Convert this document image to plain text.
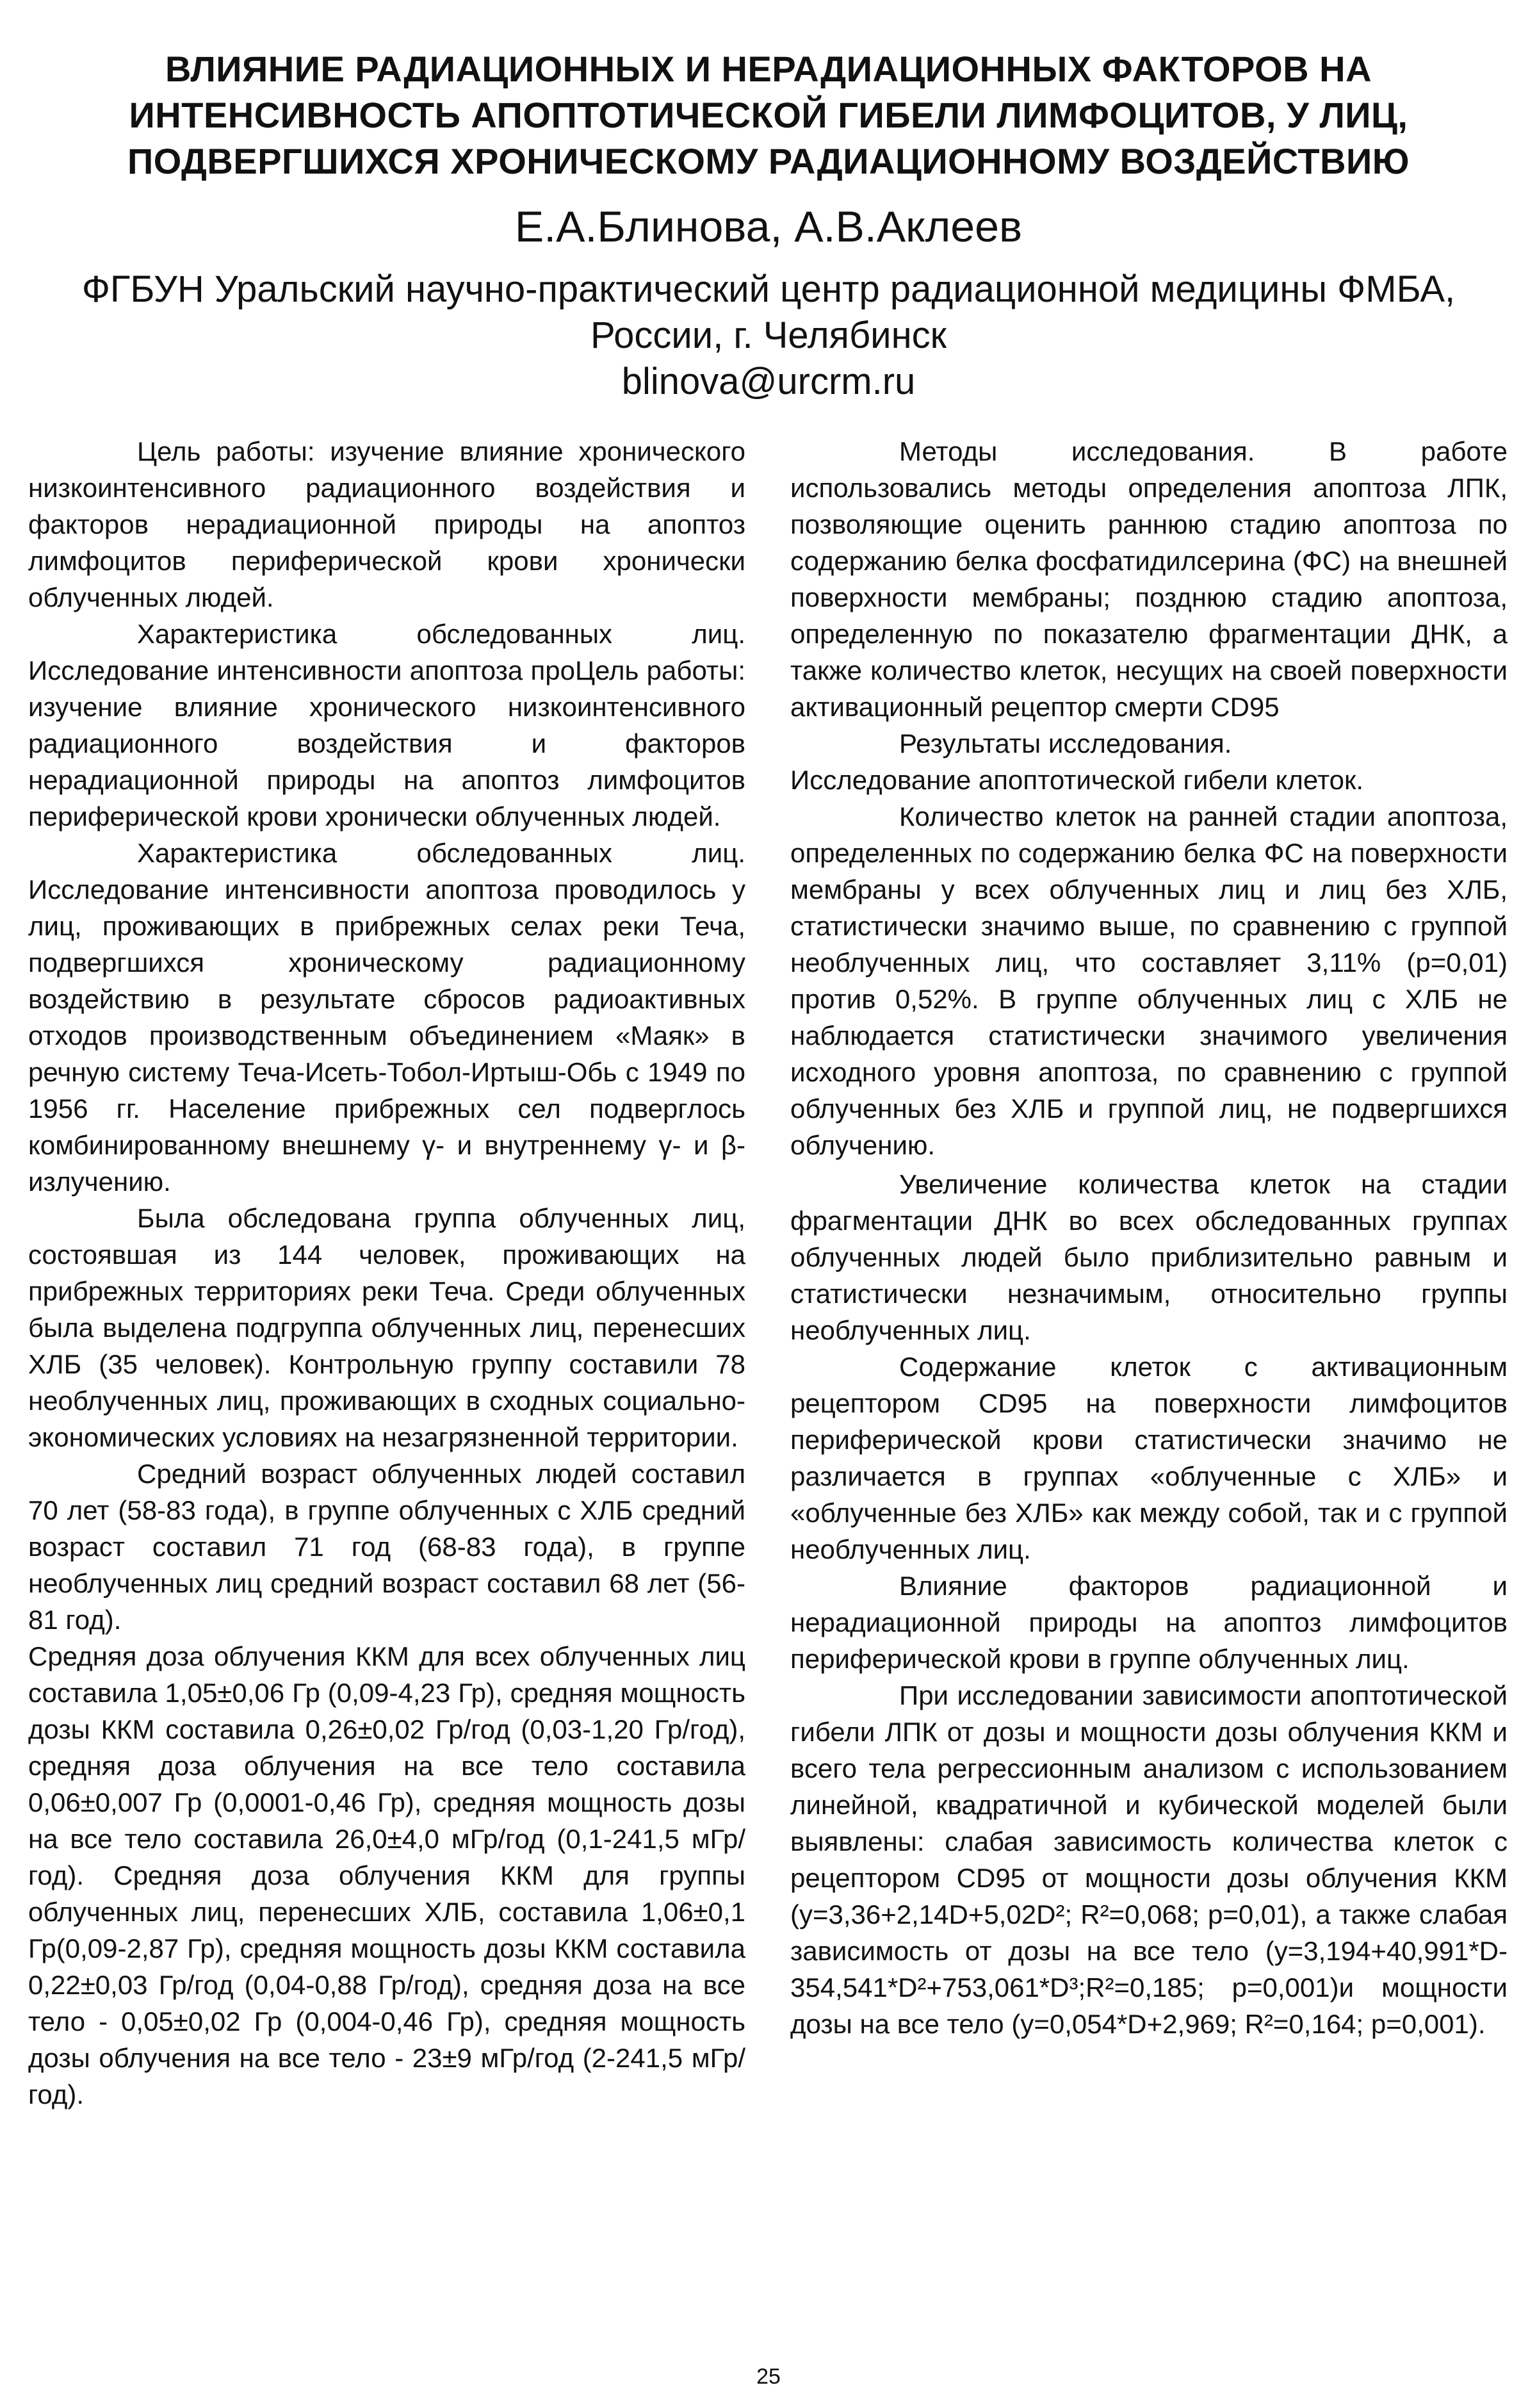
ВЛИЯНИЕ РАДИАЦИОННЫХ И НЕРАДИАЦИОННЫХ ФАКТОРОВ НА
ИНТЕНСИВНОСТЬ АПОПТОТИЧЕСКОЙ ГИБЕЛИ ЛИМФОЦИТОВ, У ЛИЦ,
ПОДВЕРГШИХСЯ ХРОНИЧЕСКОМУ РАДИАЦИОННОМУ ВОЗДЕЙСТВИЮ
Е.А.Блинова, А.В.Аклеев
ФГБУН Уральский научно-практический центр радиационной медицины ФМБА,
России, г. Челябинск
blinova@urcrm.ru

Цель работы: изучение влияние хронического низкоинтенсивного радиационного воздействия и факторов нерадиационной природы на апоптоз лимфоцитов периферической крови хронически облученных людей.

Характеристика обследованных лиц. Исследование интенсивности апоптоза проЦель работы: изучение влияние хронического низкоинтенсивного радиационного воздействия и факторов нерадиационной природы на апоптоз лимфоцитов периферической крови хронически облученных людей.

Характеристика обследованных лиц. Исследование интенсивности апоптоза проводилось у лиц, проживающих в прибрежных селах реки Теча, подвергшихся хроническому радиационному воздействию в результате сбросов радиоактивных отходов производственным объединением «Маяк» в речную систему Теча-Исеть-Тобол-Иртыш-Обь с 1949 по 1956 гг. Население прибрежных сел подверглось комбинированному внешнему γ- и внутреннему γ- и β-излучению.

Была обследована группа облученных лиц, состоявшая из 144 человек, проживающих на прибрежных территориях реки Теча. Среди облученных была выделена подгруппа облученных лиц, перенесших ХЛБ (35 человек). Контрольную группу составили 78 необлученных лиц, проживающих в сходных социально-экономических условиях на незагрязненной территории.

Средний возраст облученных людей составил 70 лет (58-83 года), в группе облученных с ХЛБ средний возраст составил 71 год (68-83 года), в группе необлученных лиц средний возраст составил 68 лет (56-81 год).

Средняя доза облучения ККМ для всех облученных лиц составила 1,05±0,06 Гр (0,09-4,23 Гр), средняя мощность дозы ККМ составила 0,26±0,02 Гр/год (0,03-1,20 Гр/год), средняя доза облучения на все тело составила 0,06±0,007 Гр (0,0001-0,46 Гр), средняя мощность дозы на все тело составила 26,0±4,0 мГр/год (0,1-241,5 мГр/год). Средняя доза облучения ККМ для группы облученных лиц, перенесших ХЛБ, составила 1,06±0,1 Гр(0,09-2,87 Гр), средняя мощность дозы ККМ составила 0,22±0,03 Гр/год (0,04-0,88 Гр/год), средняя доза на все тело - 0,05±0,02 Гр (0,004-0,46 Гр), средняя мощность дозы облучения на все тело - 23±9 мГр/год (2-241,5 мГр/год).

Методы исследования. В работе использовались методы определения апоптоза ЛПК, позволяющие оценить раннюю стадию апоптоза по содержанию белка фосфатидилсерина (ФС) на внешней поверхности мембраны; позднюю стадию апоптоза, определенную по показателю фрагментации ДНК, а также количество клеток, несущих на своей поверхности активационный рецептор смерти CD95

Результаты исследования.

Исследование апоптотической гибели клеток.

Количество клеток на ранней стадии апоптоза, определенных по содержанию белка ФС на поверхности мембраны у всех облученных лиц и лиц без ХЛБ, статистически значимо выше, по сравнению с группой необлученных лиц, что составляет 3,11% (p=0,01) против 0,52%. В группе облученных лиц с ХЛБ не наблюдается статистически значимого увеличения исходного уровня апоптоза, по сравнению с группой облученных без ХЛБ и группой лиц, не подвергшихся облучению.

Увеличение количества клеток на стадии фрагментации ДНК во всех обследованных группах облученных людей было приблизительно равным и статистически незначимым, относительно группы необлученных лиц.

Содержание клеток с активационным рецептором CD95 на поверхности лимфоцитов периферической крови статистически значимо не различается в группах «облученные с ХЛБ» и «облученные без ХЛБ» как между собой, так и с группой необлученных лиц.

Влияние факторов радиационной и нерадиационной природы на апоптоз лимфоцитов периферической крови в группе облученных лиц.

При исследовании зависимости апоптотической гибели ЛПК от дозы и мощности дозы облучения ККМ и всего тела регрессионным анализом с использованием линейной, квадратичной и кубической моделей были выявлены: слабая зависимость количества клеток с рецептором CD95 от мощности дозы облучения ККМ (y=3,36+2,14D+5,02D²; R²=0,068; p=0,01), а также слабая зависимость от дозы на все тело (y=3,194+40,991*D-354,541*D²+753,061*D³;R²=0,185; p=0,001)и мощности дозы на все тело (y=0,054*D+2,969; R²=0,164; p=0,001).

25
